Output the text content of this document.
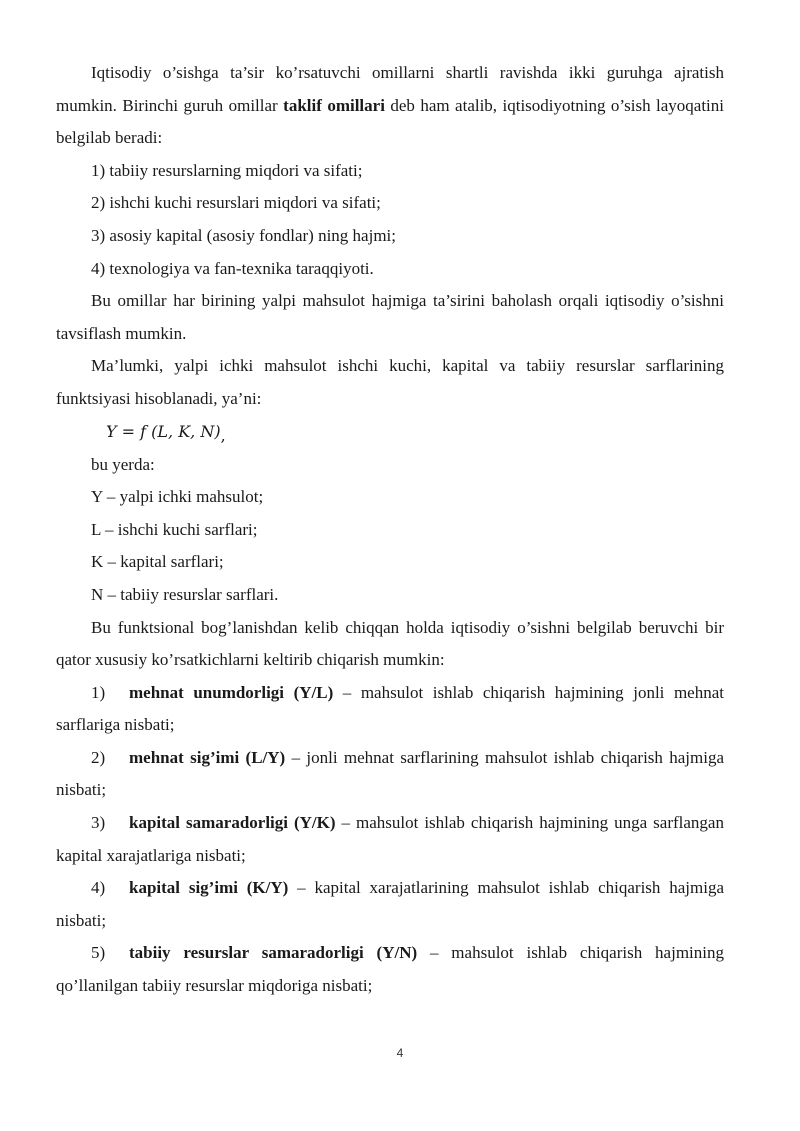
Iqtisodiy o’sishga ta’sir ko’rsatuvchi omillarni shartli ravishda ikki guruhga ajratish mumkin. Birinchi guruh omillar taklif omillari deb ham atalib, iqtisodiyotning o’sish layoqatini belgilab beradi:

1) tabiiy resurslarning miqdori va sifati;

2) ishchi kuchi resurslari miqdori va sifati;

3) asosiy kapital (asosiy fondlar) ning hajmi;

4) texnologiya va fan-texnika taraqqiyoti.

Bu omillar har birining yalpi mahsulot hajmiga ta’sirini baholash orqali iqtisodiy o’sishni tavsiflash mumkin.

Ma’lumki, yalpi ichki mahsulot ishchi kuchi, kapital va tabiiy resurslar sarflarining funktsiyasi hisoblanadi, ya’ni:

Y = f (L, K, N),

bu yerda:

Y – yalpi ichki mahsulot;

L – ishchi kuchi sarflari;

K – kapital sarflari;

N – tabiiy resurslar sarflari.

Bu funktsional bog’lanishdan kelib chiqqan holda iqtisodiy o’sishni belgilab beruvchi bir qator xususiy ko’rsatkichlarni keltirib chiqarish mumkin:

1) mehnat unumdorligi (Y/L) – mahsulot ishlab chiqarish hajmining jonli mehnat sarflariga nisbati;

2) mehnat sig’imi (L/Y) – jonli mehnat sarflarining mahsulot ishlab chiqarish hajmiga nisbati;

3) kapital samaradorligi (Y/K) – mahsulot ishlab chiqarish hajmining unga sarflangan kapital xarajatlariga nisbati;

4) kapital sig’imi (K/Y) – kapital xarajatlarining mahsulot ishlab chiqarish hajmiga nisbati;

5) tabiiy resurslar samaradorligi (Y/N) – mahsulot ishlab chiqarish hajmining qo’llanilgan tabiiy resurslar miqdoriga nisbati;

4
